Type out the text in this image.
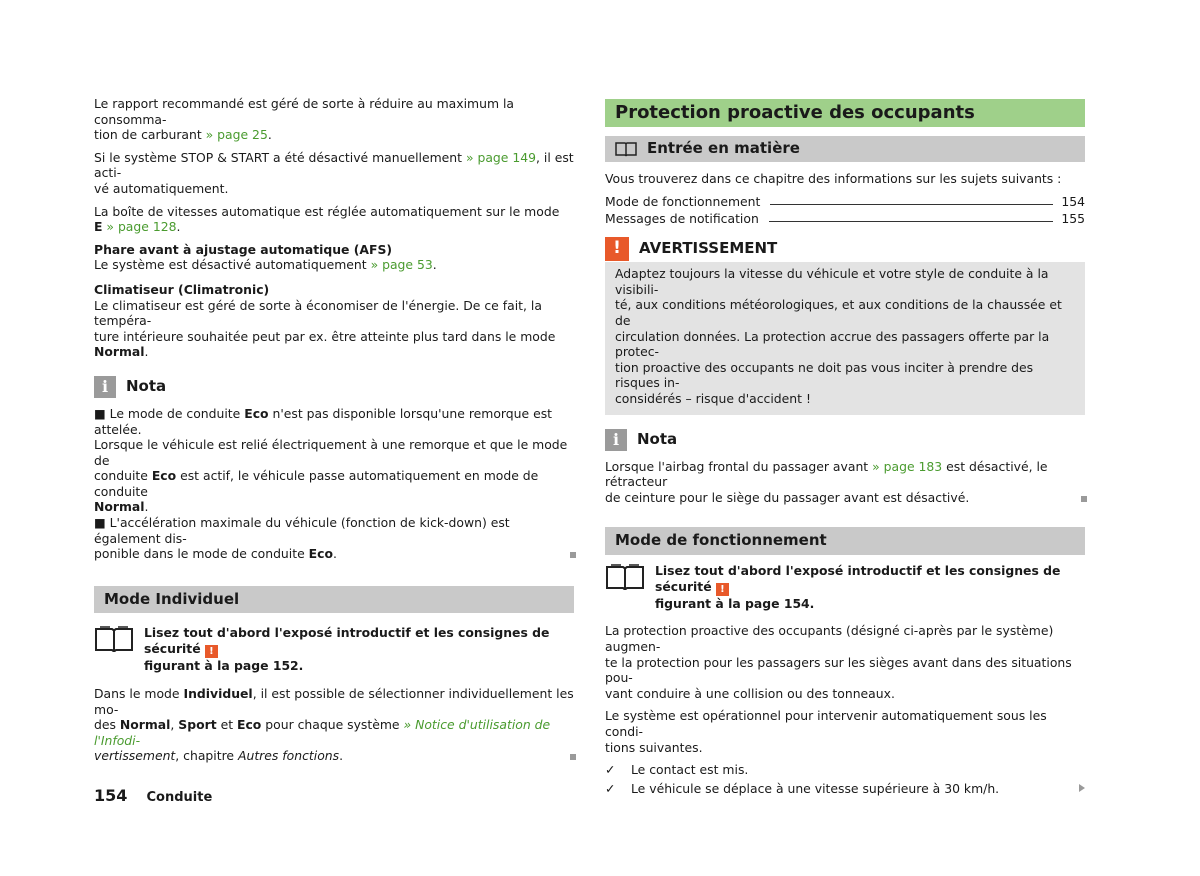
Le rapport recommandé est géré de sorte à réduire au maximum la consomma-
tion de carburant » page 25.

Si le système STOP & START a été désactivé manuellement » page 149, il est acti-
vé automatiquement.

La boîte de vitesses automatique est réglée automatiquement sur le mode
E » page 128.

Phare avant à ajustage automatique (AFS)
Le système est désactivé automatiquement » page 53.

Climatiseur (Climatronic)
Le climatiseur est géré de sorte à économiser de l'énergie. De ce fait, la tempéra-
ture intérieure souhaitée peut par ex. être atteinte plus tard dans le mode
Normal.

i	Nota

■ Le mode de conduite Eco n'est pas disponible lorsqu'une remorque est attelée.
Lorsque le véhicule est relié électriquement à une remorque et que le mode de
conduite Eco est actif, le véhicule passe automatiquement en mode de conduite
Normal.
■ L'accélération maximale du véhicule (fonction de kick-down) est également dis-
ponible dans le mode de conduite Eco.

Mode Individuel
Lisez tout d'abord l'exposé introductif et les consignes de sécurité !
figurant à la page 152.

Dans le mode Individuel, il est possible de sélectionner individuellement les mo-
des Normal, Sport et Eco pour chaque système » Notice d'utilisation de l'Infodi-
vertissement, chapitre Autres fonctions.

Protection proactive des occupants
Entrée en matière

Vous trouverez dans ce chapitre des informations sur les sujets suivants :

Mode de fonctionnement	154
Messages de notification	155
!	AVERTISSEMENT
Adaptez toujours la vitesse du véhicule et votre style de conduite à la visibili-
té, aux conditions météorologiques, et aux conditions de la chaussée et de
circulation données. La protection accrue des passagers offerte par la protec-
tion proactive des occupants ne doit pas vous inciter à prendre des risques in-
considérés – risque d'accident !
i	Nota

Lorsque l'airbag frontal du passager avant » page 183 est désactivé, le rétracteur
de ceinture pour le siège du passager avant est désactivé.

Mode de fonctionnement
Lisez tout d'abord l'exposé introductif et les consignes de sécurité !
figurant à la page 154.

La protection proactive des occupants (désigné ci-après par le système) augmen-
te la protection pour les passagers sur les sièges avant dans des situations pou-
vant conduire à une collision ou des tonneaux.

Le système est opérationnel pour intervenir automatiquement sous les condi-
tions suivantes.

✓	Le contact est mis.
✓	Le véhicule se déplace à une vitesse supérieure à 30 km/h.
154 Conduite
